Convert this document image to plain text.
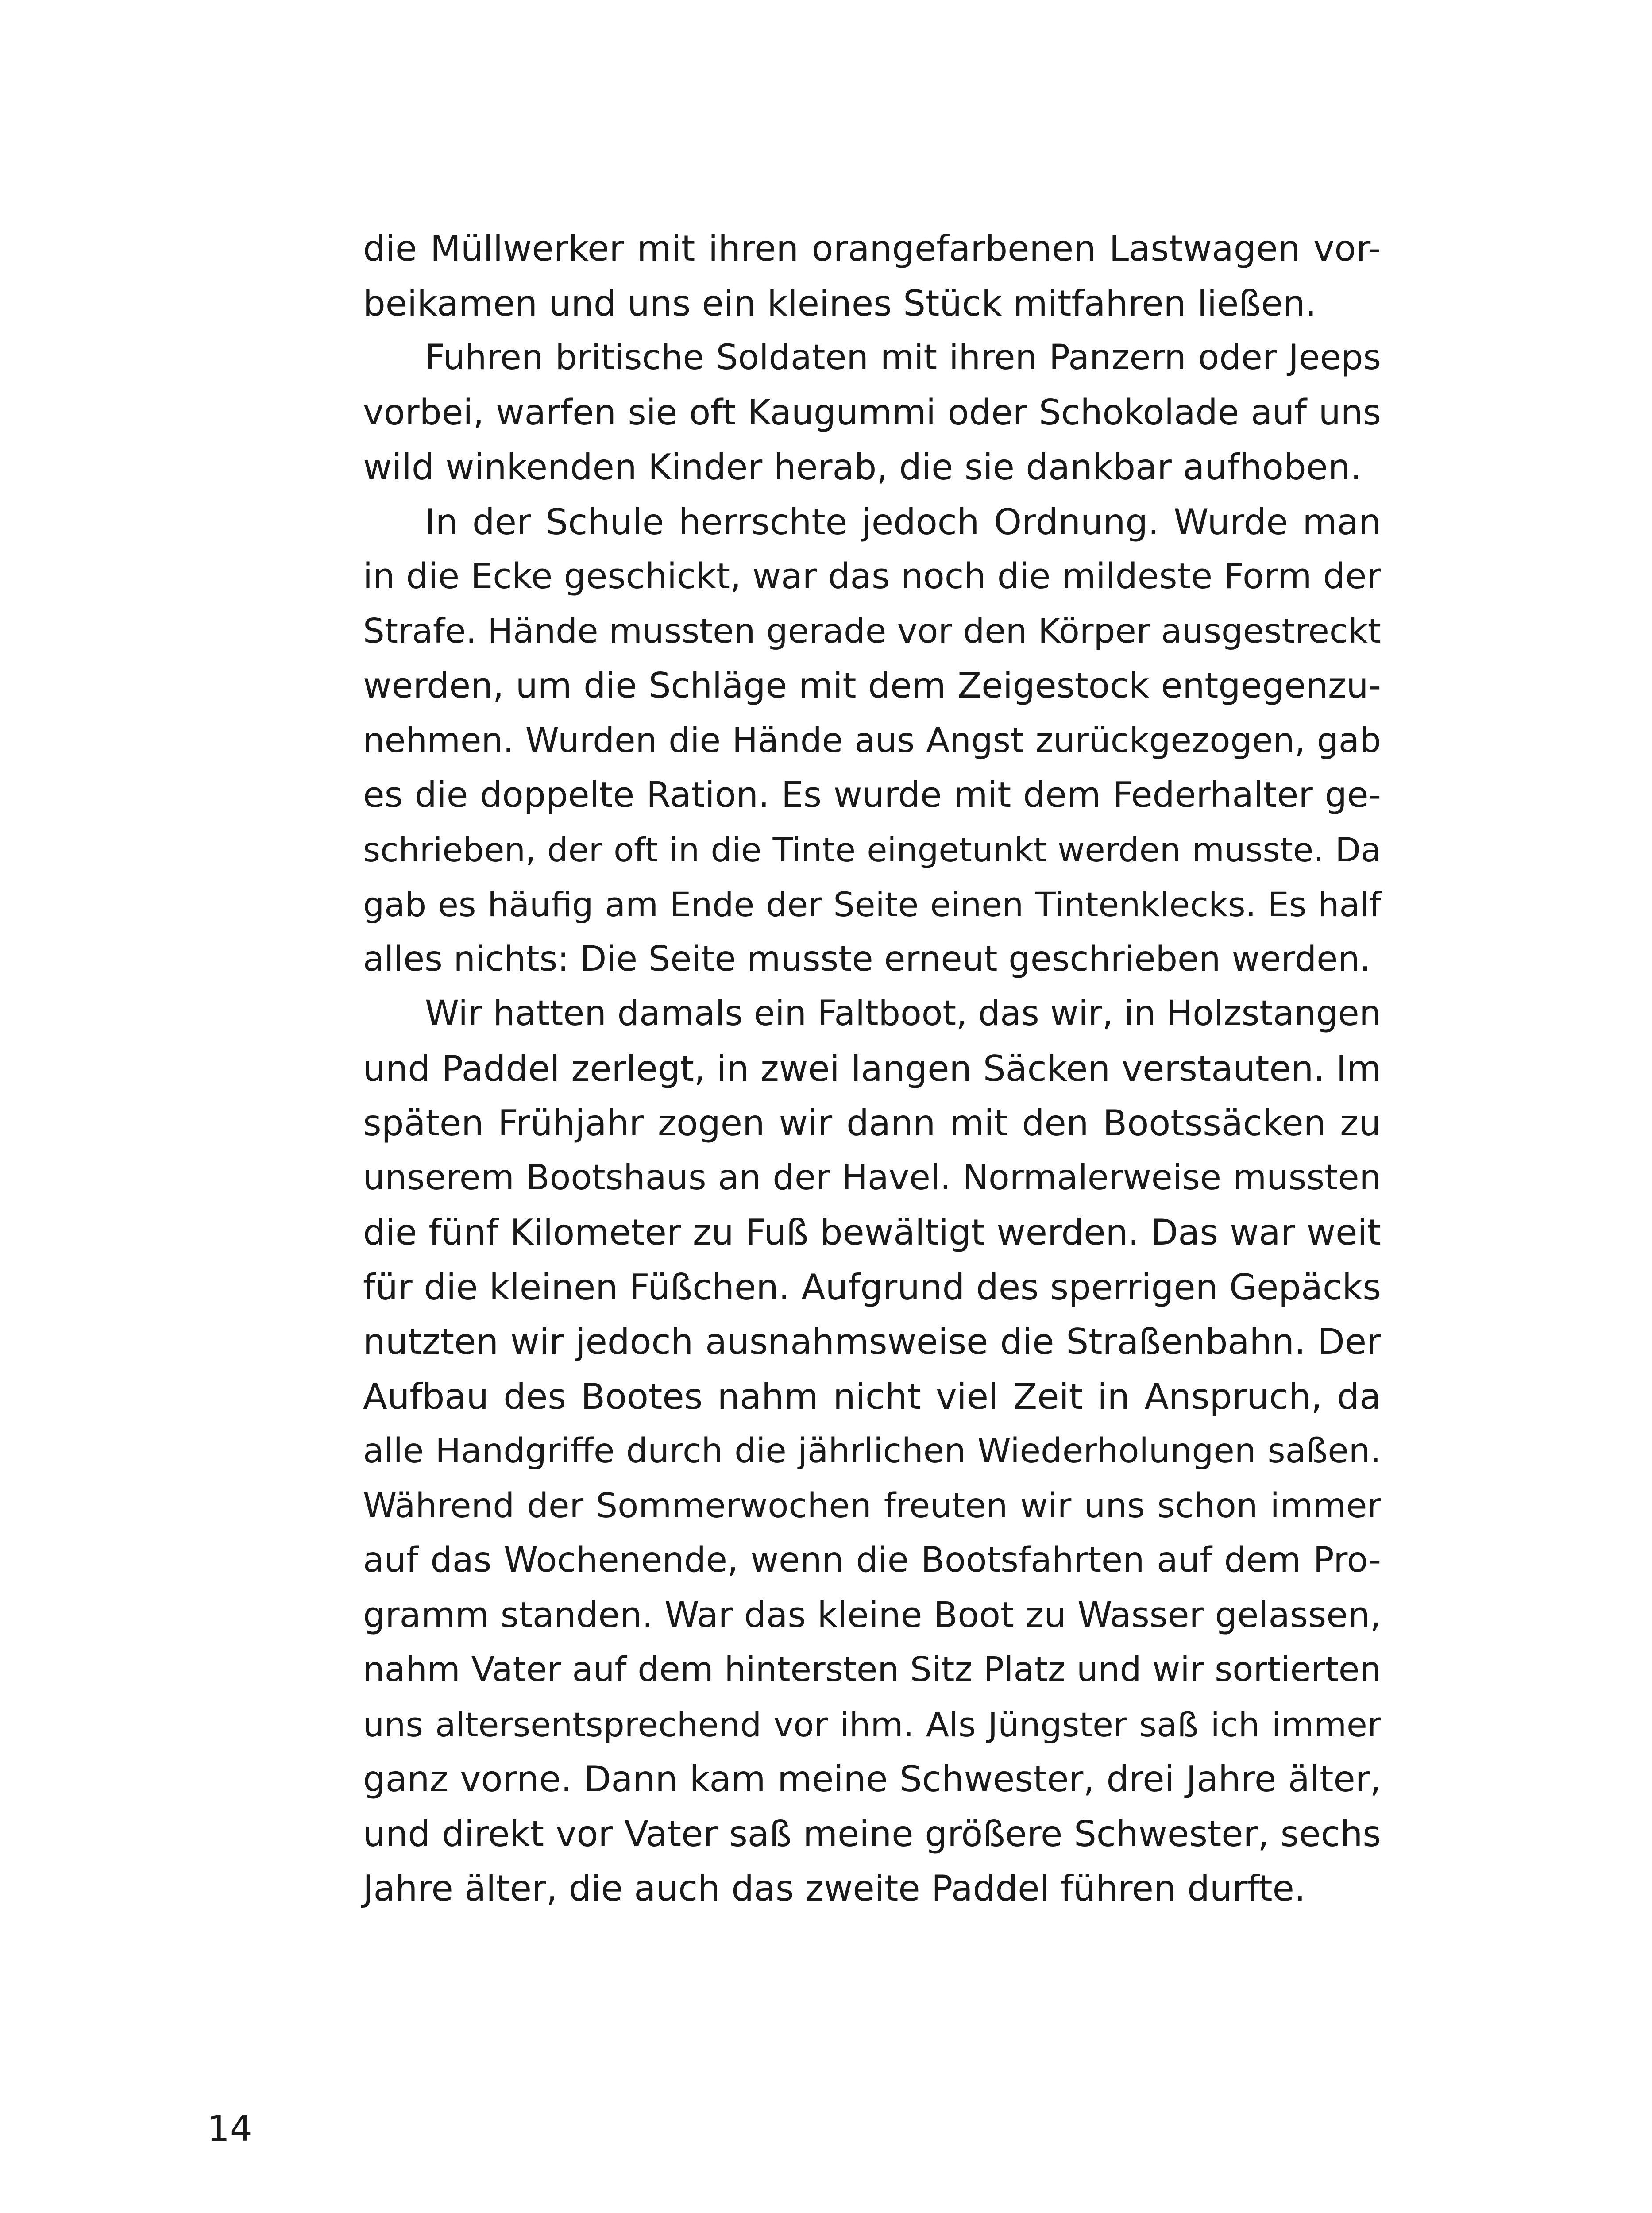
die Müllwerker mit ihren orangefarbenen Lastwagen vor-
beikamen und uns ein kleines Stück mitfahren ließen.

Fuhren britische Soldaten mit ihren Panzern oder Jeeps
vorbei, warfen sie oft Kaugummi oder Schokolade auf uns
wild winkenden Kinder herab, die sie dankbar aufhoben.

In der Schule herrschte jedoch Ordnung. Wurde man
in die Ecke geschickt, war das noch die mildeste Form der
Strafe. Hände mussten gerade vor den Körper ausgestreckt
werden, um die Schläge mit dem Zeigestock entgegenzu-
nehmen. Wurden die Hände aus Angst zurückgezogen, gab
es die doppelte Ration. Es wurde mit dem Federhalter ge-
schrieben, der oft in die Tinte eingetunkt werden musste. Da
gab es häufig am Ende der Seite einen Tintenklecks. Es half
alles nichts: Die Seite musste erneut geschrieben werden.

Wir hatten damals ein Faltboot, das wir, in Holzstangen
und Paddel zerlegt, in zwei langen Säcken verstauten. Im
späten Frühjahr zogen wir dann mit den Bootssäcken zu
unserem Bootshaus an der Havel. Normalerweise mussten
die fünf Kilometer zu Fuß bewältigt werden. Das war weit
für die kleinen Füßchen. Aufgrund des sperrigen Gepäcks
nutzten wir jedoch ausnahmsweise die Straßenbahn. Der
Aufbau des Bootes nahm nicht viel Zeit in Anspruch, da
alle Handgriffe durch die jährlichen Wiederholungen saßen.
Während der Sommerwochen freuten wir uns schon immer
auf das Wochenende, wenn die Bootsfahrten auf dem Pro-
gramm standen. War das kleine Boot zu Wasser gelassen,
nahm Vater auf dem hintersten Sitz Platz und wir sortierten
uns altersentsprechend vor ihm. Als Jüngster saß ich immer
ganz vorne. Dann kam meine Schwester, drei Jahre älter,
und direkt vor Vater saß meine größere Schwester, sechs
Jahre älter, die auch das zweite Paddel führen durfte.

14
